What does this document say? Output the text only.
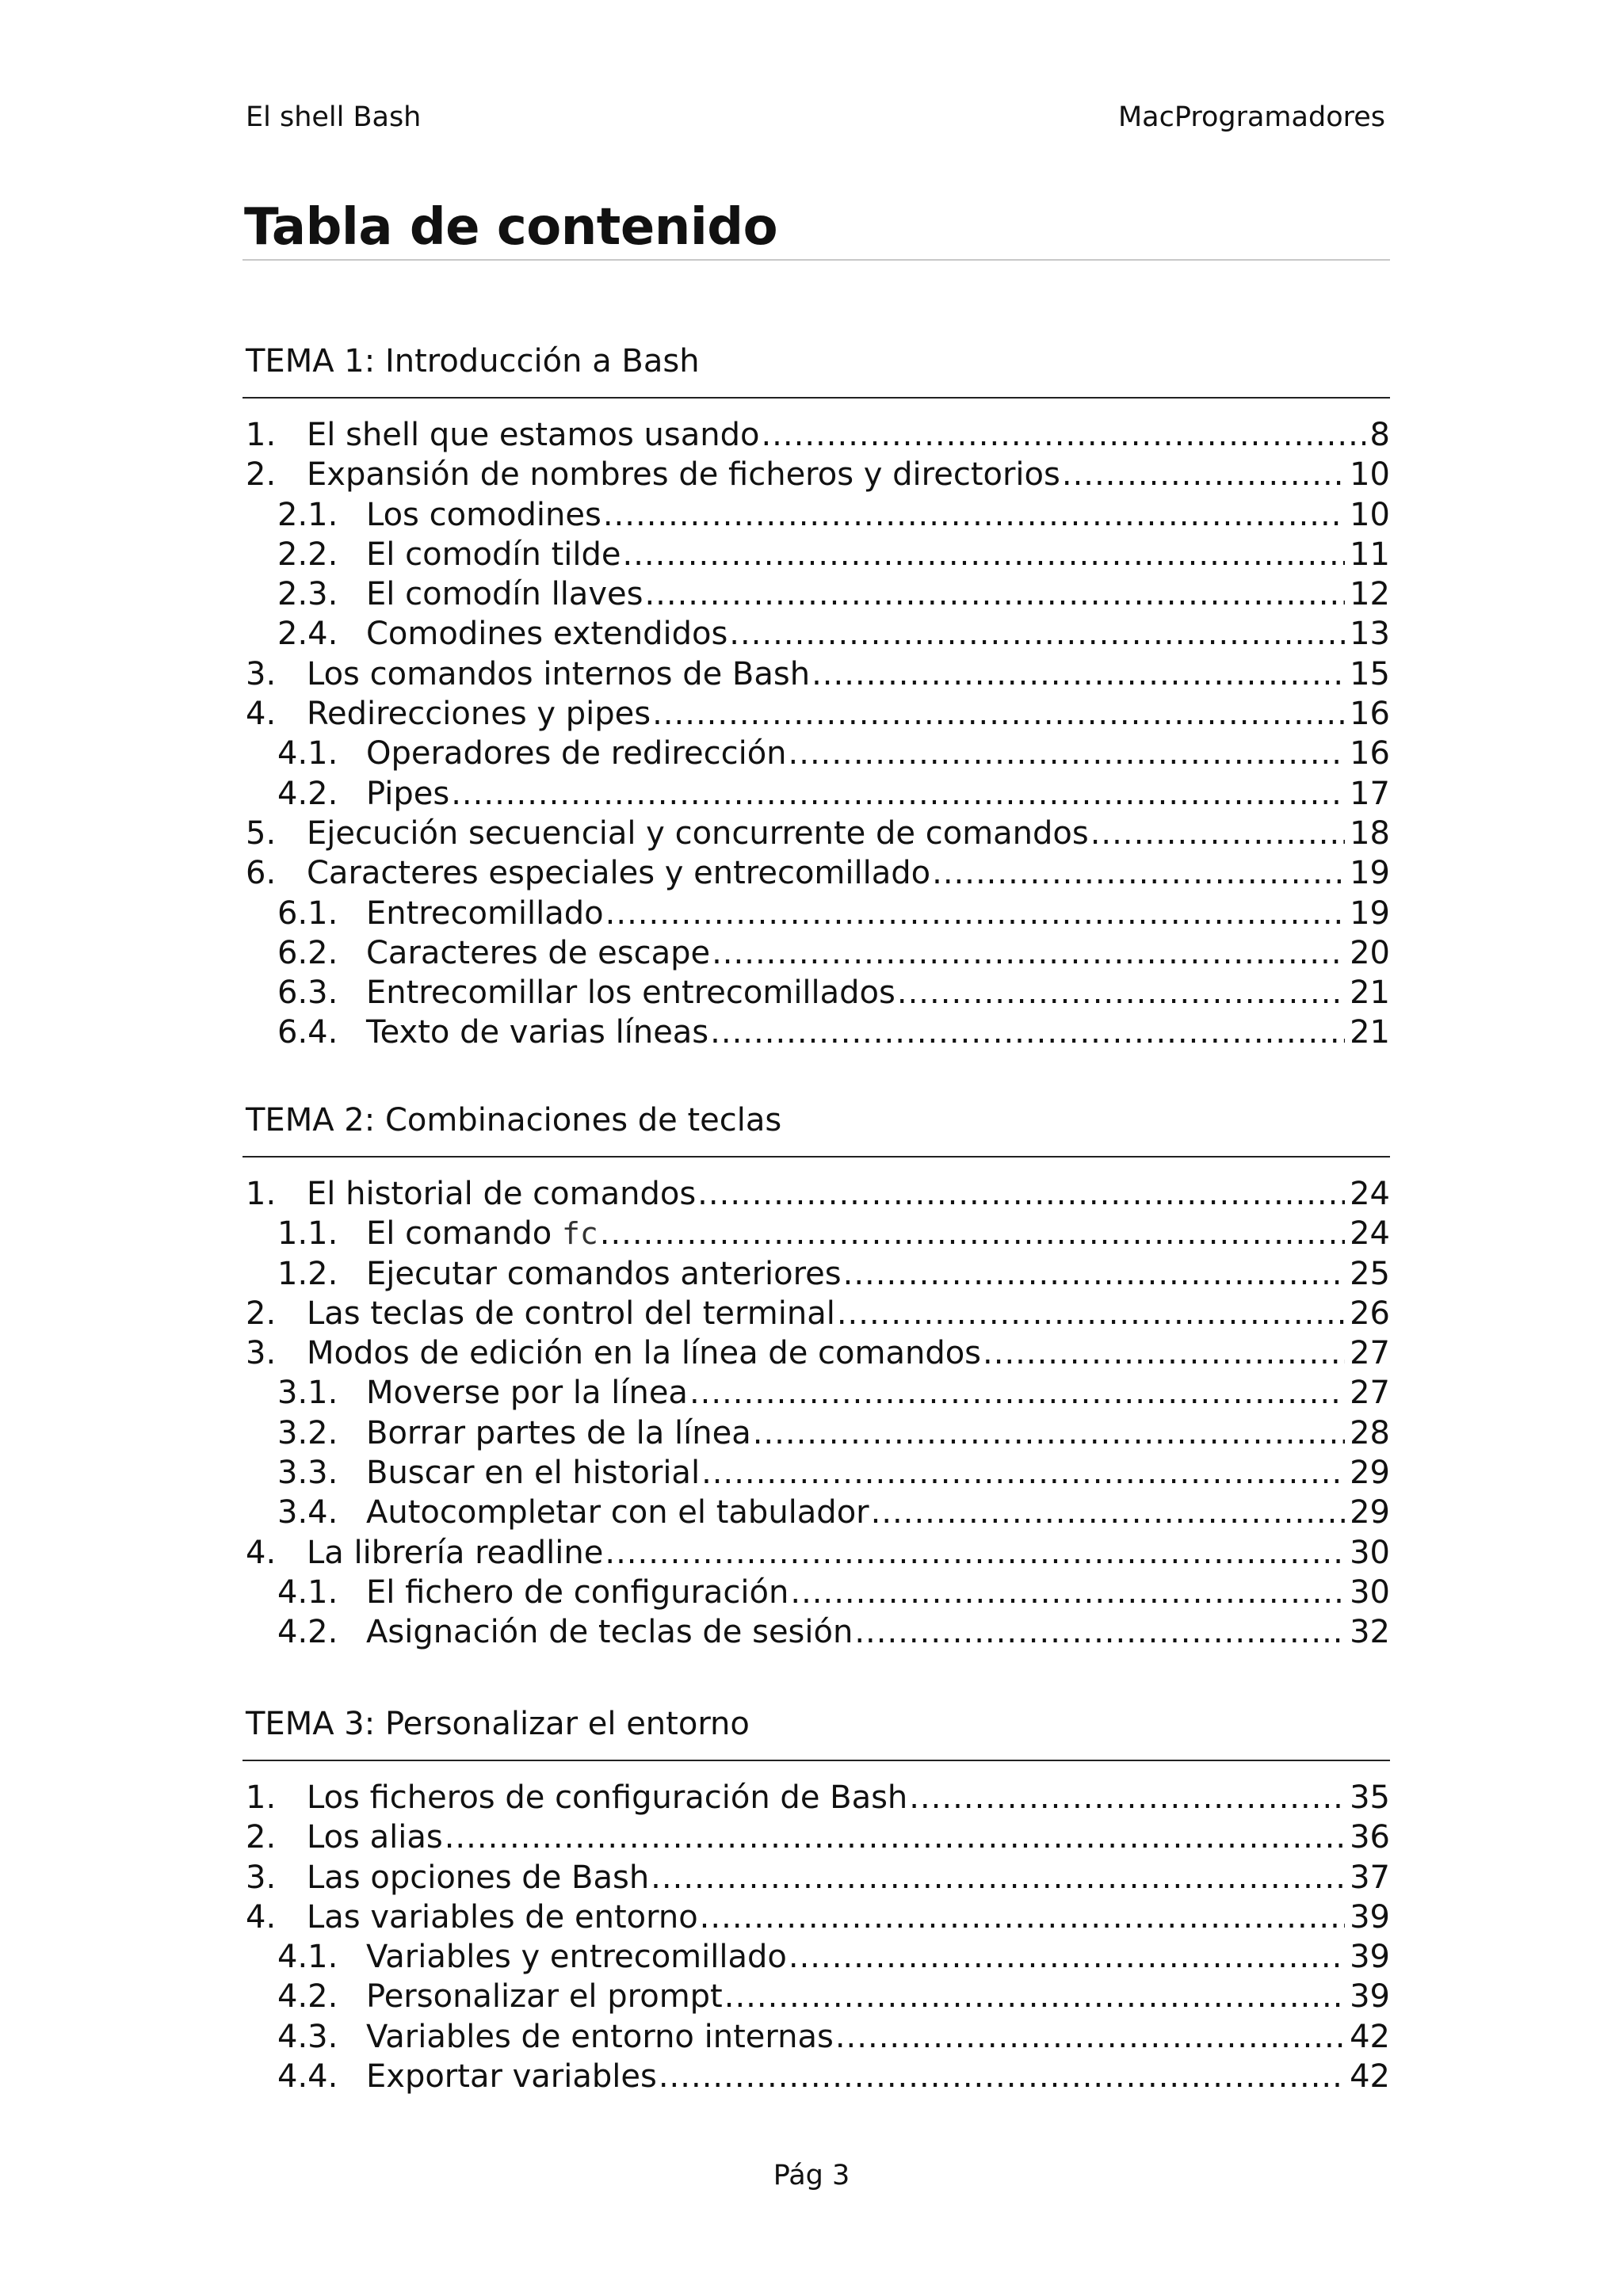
El shell Bash	MacProgramadores
Tabla de contenido
TEMA 1: Introducción a Bash
1. El shell que estamos usando .....	8
2. Expansión de nombres de ficheros y directorios .....	10
2.1. Los comodines .....	10
2.2. El comodín tilde .....	11
2.3. El comodín llaves .....	12
2.4. Comodines extendidos .....	13
3. Los comandos internos de Bash .....	15
4. Redirecciones y pipes .....	16
4.1. Operadores de redirección .....	16
4.2. Pipes .....	17
5. Ejecución secuencial y concurrente de comandos .....	18
6. Caracteres especiales y entrecomillado .....	19
6.1. Entrecomillado .....	19
6.2. Caracteres de escape .....	20
6.3. Entrecomillar los entrecomillados .....	21
6.4. Texto de varias líneas .....	21
TEMA 2: Combinaciones de teclas
1. El historial de comandos .....	24
1.1. El comando fc .....	24
1.2. Ejecutar comandos anteriores .....	25
2. Las teclas de control del terminal .....	26
3. Modos de edición en la línea de comandos .....	27
3.1. Moverse por la línea .....	27
3.2. Borrar partes de la línea .....	28
3.3. Buscar en el historial .....	29
3.4. Autocompletar con el tabulador .....	29
4. La librería readline .....	30
4.1. El fichero de configuración .....	30
4.2. Asignación de teclas de sesión .....	32
TEMA 3: Personalizar el entorno
1. Los ficheros de configuración de Bash .....	35
2. Los alias .....	36
3. Las opciones de Bash .....	37
4. Las variables de entorno .....	39
4.1. Variables y entrecomillado .....	39
4.2. Personalizar el prompt .....	39
4.3. Variables de entorno internas .....	42
4.4. Exportar variables .....	42
Pág 3
